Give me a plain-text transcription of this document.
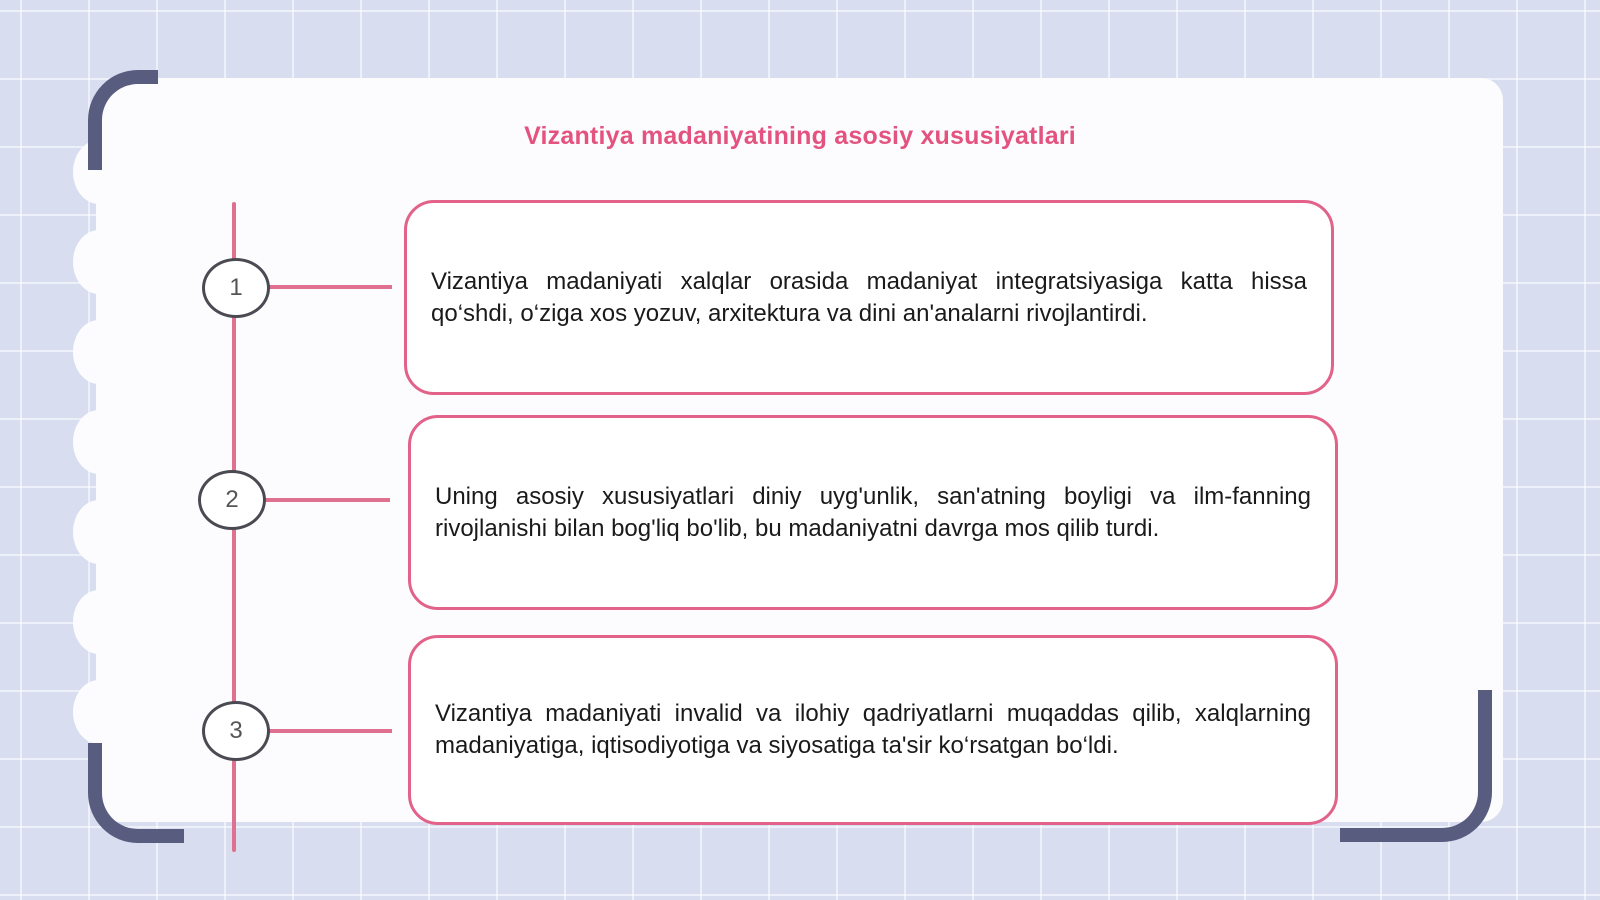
Vizantiya madaniyatining asosiy xususiyatlari
1	Vizantiya madaniyati xalqlar orasida madaniyat integratsiyasiga katta hissa qo‘shdi, o‘ziga xos yozuv, arxitektura va dini an'analarni rivojlantirdi.
2	Uning asosiy xususiyatlari diniy uyg'unlik, san'atning boyligi va ilm-fanning rivojlanishi bilan bog'liq bo'lib, bu madaniyatni davrga mos qilib turdi.
3
Vizantiya madaniyati invalid va ilohiy qadriyatlarni muqaddas qilib, xalqlarning madaniyatiga, iqtisodiyotiga va siyosatiga ta'sir ko‘rsatgan bo‘ldi.
